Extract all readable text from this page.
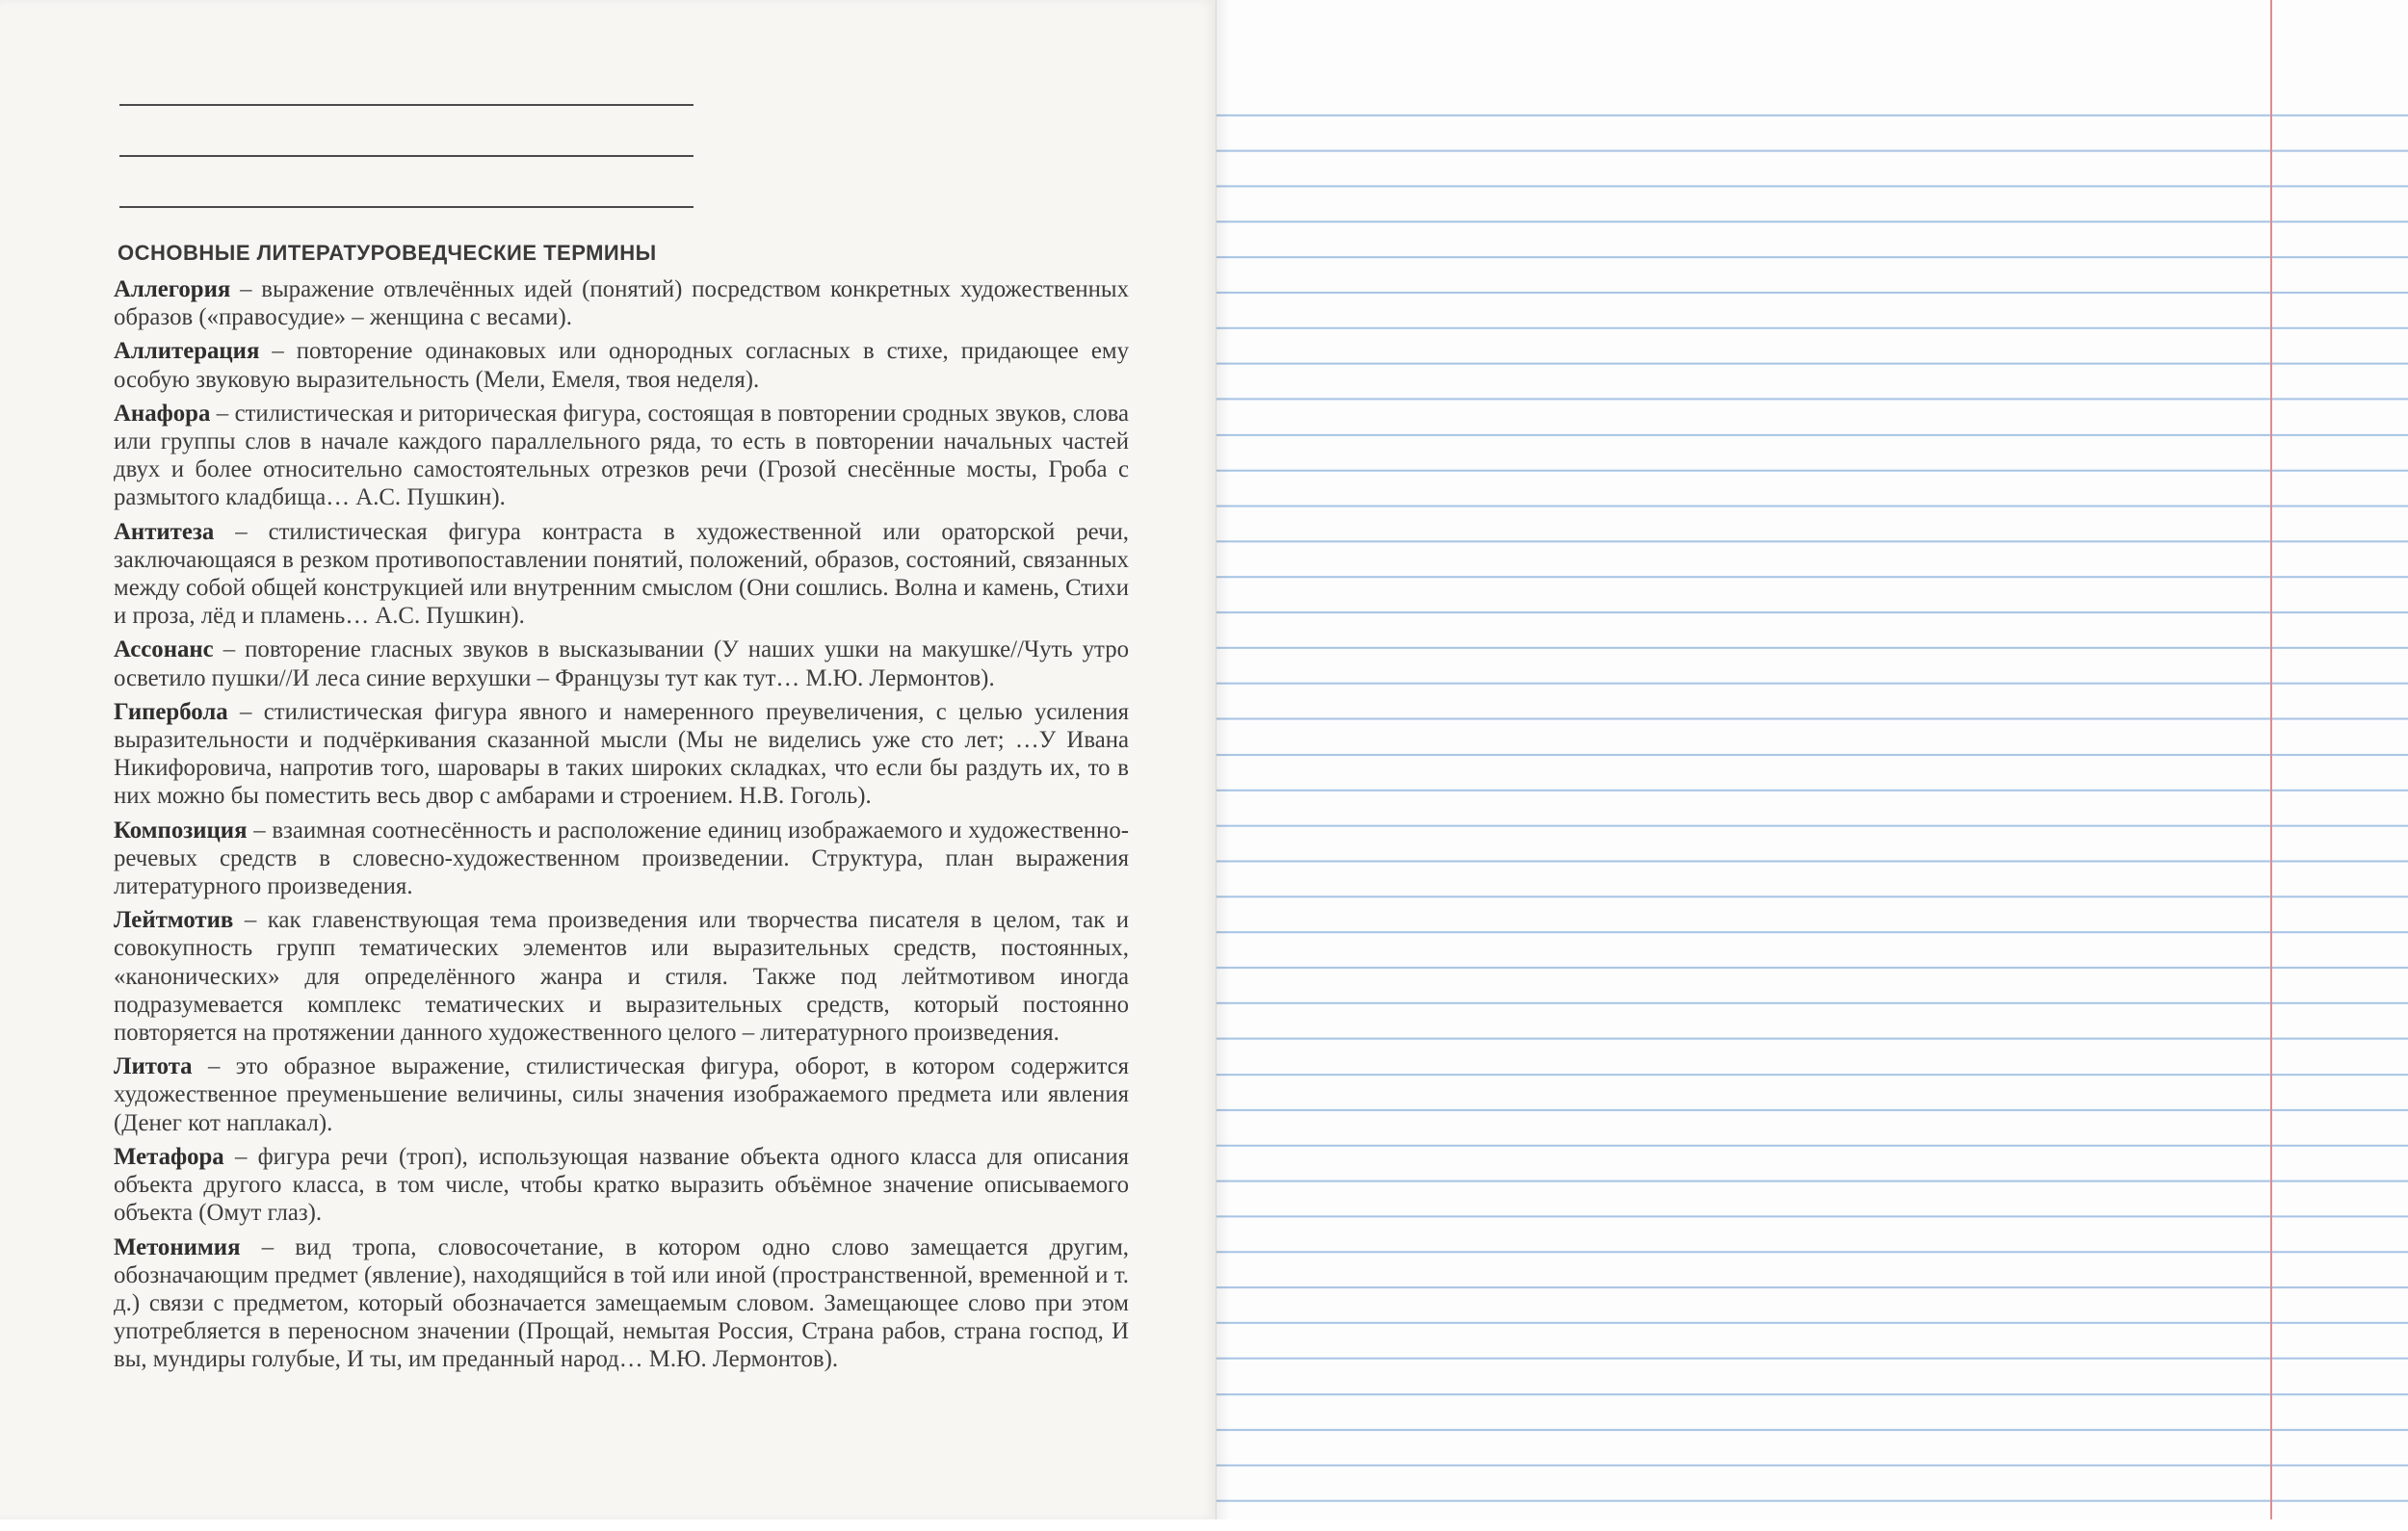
ОСНОВНЫЕ ЛИТЕРАТУРОВЕДЧЕСКИЕ ТЕРМИНЫ

Аллегория – выражение отвлечённых идей (понятий) посредством конкретных художественных образов («правосудие» – женщина с весами).

Аллитерация – повторение одинаковых или однородных согласных в стихе, придающее ему особую звуковую выразительность (Мели, Емеля, твоя неделя).

Анафора – стилистическая и риторическая фигура, состоящая в повторении сродных звуков, слова или группы слов в начале каждого параллельного ряда, то есть в повторении начальных частей двух и более относительно самостоятельных отрезков речи (Грозой снесённые мосты, Гроба с размытого кладбища… А.С. Пушкин).

Антитеза – стилистическая фигура контраста в художественной или ораторской речи, заключающаяся в резком противопоставлении понятий, положений, образов, состояний, связанных между собой общей конструкцией или внутренним смыслом (Они сошлись. Волна и камень, Стихи и проза, лёд и пламень… А.С. Пушкин).

Ассонанс – повторение гласных звуков в высказывании (У наших ушки на макушке//Чуть утро осветило пушки//И леса синие верхушки – Французы тут как тут… М.Ю. Лермонтов).

Гипербола – стилистическая фигура явного и намеренного преувеличения, с целью усиления выразительности и подчёркивания сказанной мысли (Мы не виделись уже сто лет; …У Ивана Никифоровича, напротив того, шаровары в таких широких складках, что если бы раздуть их, то в них можно бы поместить весь двор с амбарами и строением. Н.В. Гоголь).

Композиция – взаимная соотнесённость и расположение единиц изображаемого и художественно-речевых средств в словесно-художественном произведении. Структура, план выражения литературного произведения.

Лейтмотив – как главенствующая тема произведения или творчества писателя в целом, так и совокупность групп тематических элементов или выразительных средств, постоянных, «канонических» для определённого жанра и стиля. Также под лейтмотивом иногда подразумевается комплекс тематических и выразительных средств, который постоянно повторяется на протяжении данного художественного целого – литературного произведения.

Литота – это образное выражение, стилистическая фигура, оборот, в котором содержится художественное преуменьшение величины, силы значения изображаемого предмета или явления (Денег кот наплакал).

Метафора – фигура речи (троп), использующая название объекта одного класса для описания объекта другого класса, в том числе, чтобы кратко выразить объёмное значение описываемого объекта (Омут глаз).

Метонимия – вид тропа, словосочетание, в котором одно слово замещается другим, обозначающим предмет (явление), находящийся в той или иной (пространственной, временной и т. д.) связи с предметом, который обозначается замещаемым словом. Замещающее слово при этом употребляется в переносном значении (Прощай, немытая Россия, Страна рабов, страна господ, И вы, мундиры голубые, И ты, им преданный народ… М.Ю. Лермонтов).
